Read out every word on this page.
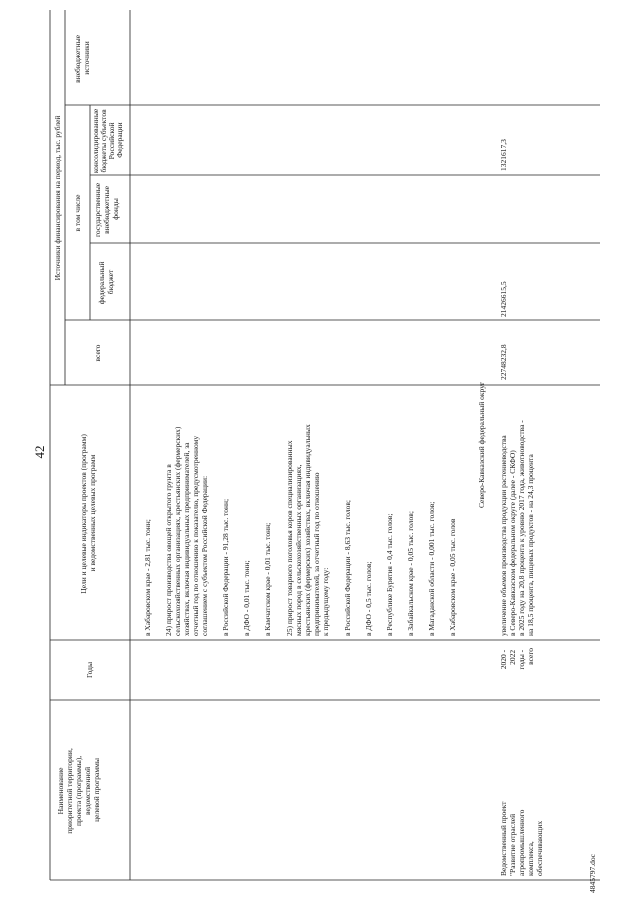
42
4845797.doc
Наименование приоритетной территории, проекта (программы), ведомственной целевой программы
Годы
Цели и целевые индикаторы проектов (программ) и ведомственных целевых программ
Источники финансирования на период, тыс. рублей
всего
в том числе
федеральный бюджет
государственные внебюджетные фонды
консолидированные бюджеты субъектов Российской Федерации
внебюджетные источники
в Хабаровском крае - 2,81 тыс. тонн; 24) прирост производства овощей открытого грунта в сельскохозяйственных организациях, крестьянских (фермерских) хозяйствах, включая индивидуальных предпринимателей, за отчетный год по отношению к показателю, предусмотренному соглашением с субъектом Российской Федерации: в Российской Федерации - 91,28 тыс. тонн; в ДФО - 0,01 тыс. тонн; в Камчатском крае - 0,01 тыс. тонн; 25) прирост товарного поголовья коров специализированных мясных пород в сельскохозяйственных организациях, крестьянских (фермерских) хозяйствах, включая индивидуальных предпринимателей, за отчетный год по отношению к предыдущему году: в Российской Федерации - 8,63 тыс. голов; в ДФО - 0,5 тыс. голов; в Республике Бурятия - 0,4 тыс. голов; в Забайкальском крае - 0,05 тыс. голов; в Магаданской области - 0,001 тыс. голов; в Хабаровском крае - 0,05 тыс. голов
Северо-Кавказский федеральный округ
Ведомственный проект "Развитие отраслей агропромышленного комплекса, обеспечивающих
2020 - 2022 годы - всего
увеличение объемов производства продукции растениеводства в Северо-Кавказском федеральном округе (далее - СКФО) в 2025 году на 20,8 процента к уровню 2017 года, животноводства - на 18,5 процента, пищевых продуктов - на 24,3 процента
22748232,8
21426615,5
1321617,3
